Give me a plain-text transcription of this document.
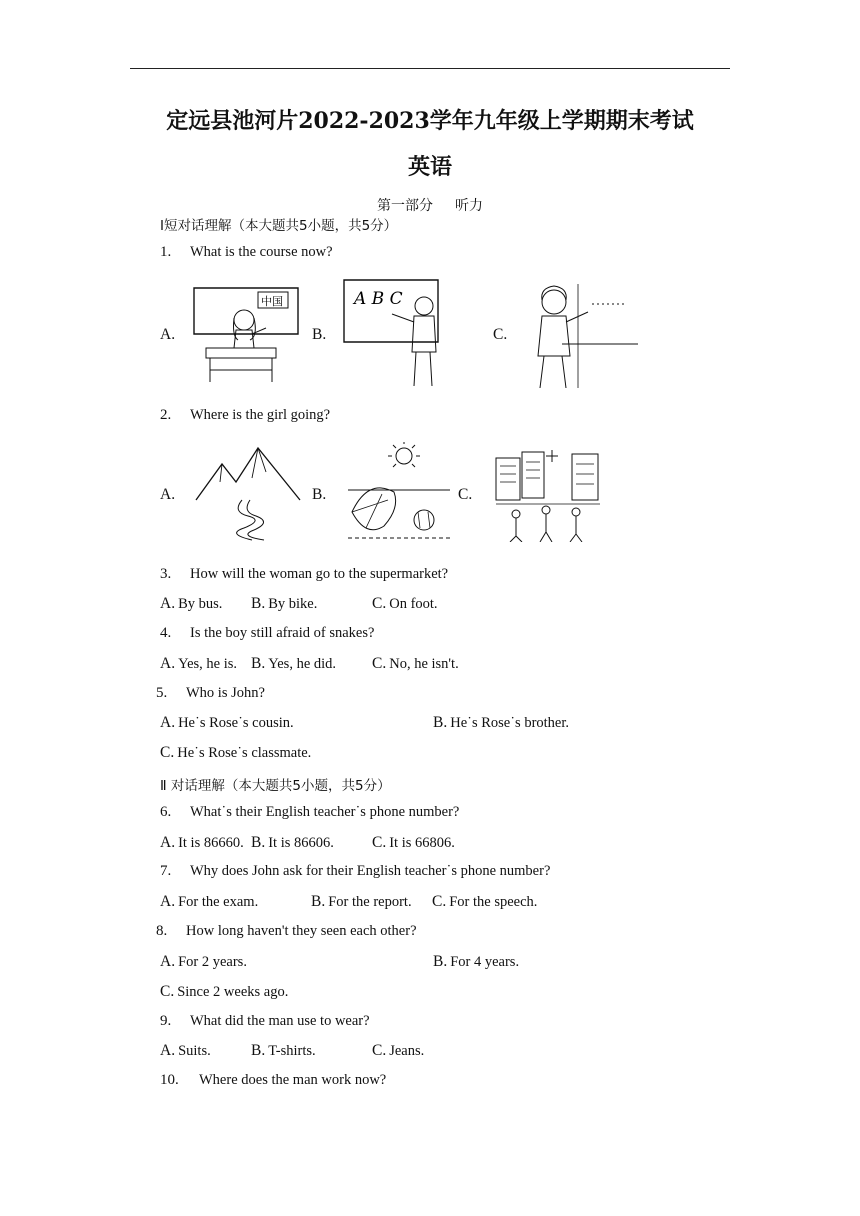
定远县池河片2022-2023学年九年级上学期期末考试
英语
第一部分 听力
Ⅰ短对话理解（本大题共5小题，共5分）
1. What is the course now?
A.
中国
B.
A B C
C.
2. Where is the girl going?
A.	B.	C.
3. How will the woman go to the supermarket?
A. By bus. B. By bike.	C. On foot.
4. Is the boy still afraid of snakes?
A. Yes, he is. B. Yes, he did. C. No, he isn't.
5. Who is John?
A. He˙s Rose˙s cousin.	B. He˙s Rose˙s brother.
C. He˙s Rose˙s classmate.
Ⅱ 对话理解（本大题共5小题，共5分）
6. What˙s their English teacher˙s phone number?
A. It is 86660. B. It is 86606. C. It is 66806.
7. Why does John ask for their English teacher˙s phone number?
A. For the exam.	B. For the report. C. For the speech.
8. How long haven't they seen each other?
A. For 2 years.	B. For 4 years.
C. Since 2 weeks ago.
9. What did the man use to wear?
A. Suits.	B. T-shirts.	C. Jeans.
10. Where does the man work now?
